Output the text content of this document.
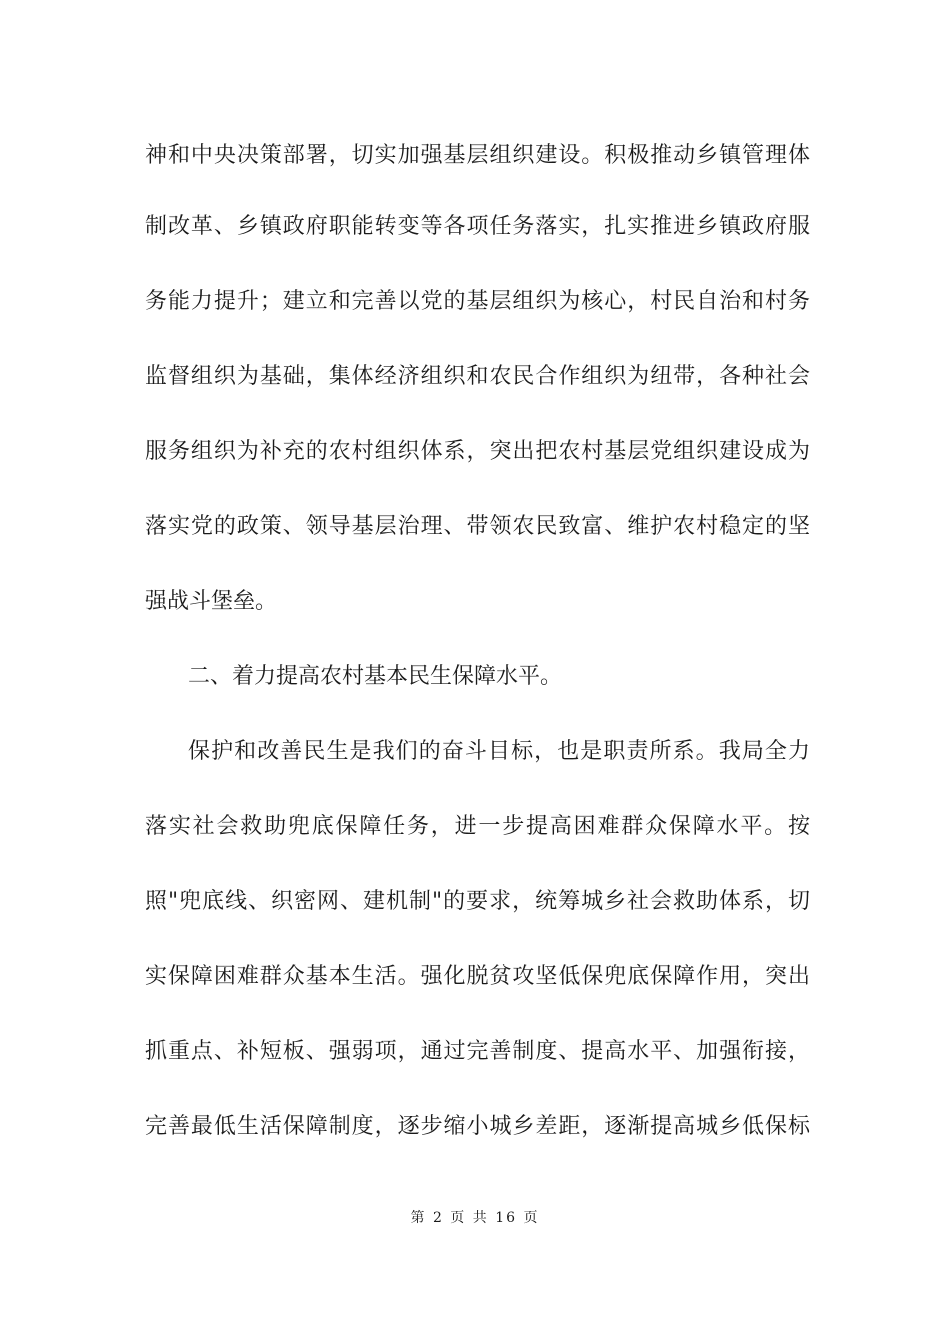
神和中央决策部署，切实加强基层组织建设。积极推动乡镇管理体
制改革、乡镇政府职能转变等各项任务落实，扎实推进乡镇政府服
务能力提升；建立和完善以党的基层组织为核心，村民自治和村务
监督组织为基础，集体经济组织和农民合作组织为纽带，各种社会
服务组织为补充的农村组织体系，突出把农村基层党组织建设成为
落实党的政策、领导基层治理、带领农民致富、维护农村稳定的坚
强战斗堡垒。
二、着力提高农村基本民生保障水平。
保护和改善民生是我们的奋斗目标，也是职责所系。我局全力
落实社会救助兜底保障任务，进一步提高困难群众保障水平。按
照"兜底线、织密网、建机制"的要求，统筹城乡社会救助体系，切
实保障困难群众基本生活。强化脱贫攻坚低保兜底保障作用，突出
抓重点、补短板、强弱项，通过完善制度、提高水平、加强衔接，
完善最低生活保障制度，逐步缩小城乡差距，逐渐提高城乡低保标
第 2 页 共 16 页
